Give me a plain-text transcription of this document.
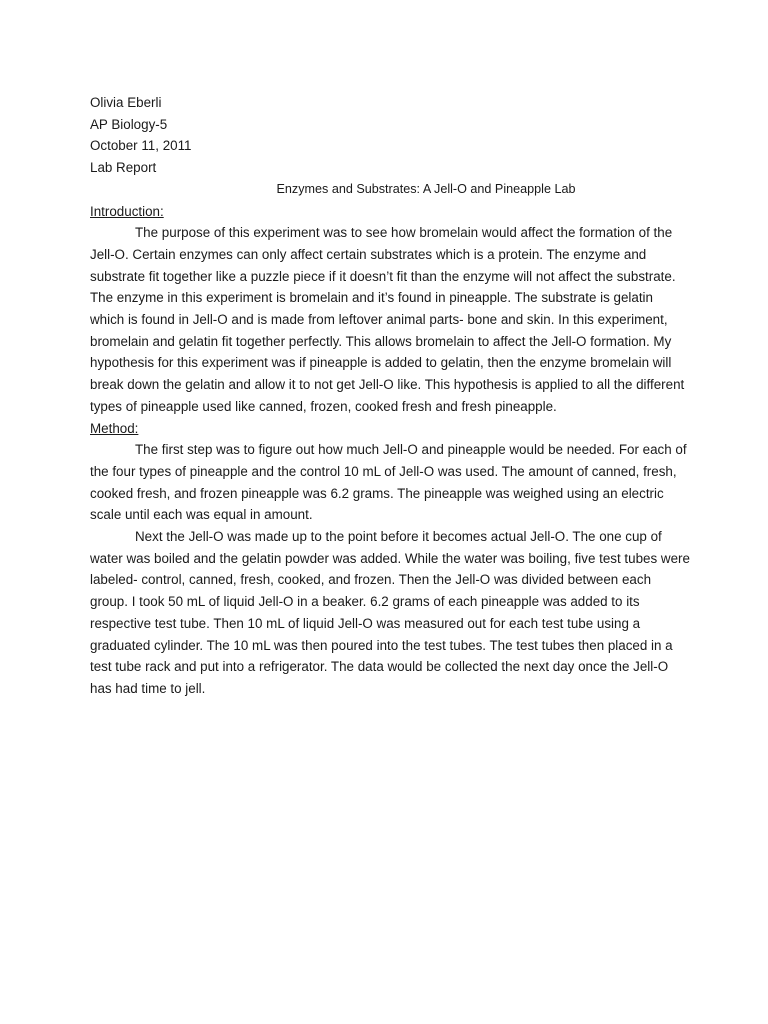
Olivia Eberli
AP Biology-5
October 11, 2011
Lab Report
Enzymes and Substrates: A Jell-O and Pineapple Lab
Introduction:

The purpose of this experiment was to see how bromelain would affect the formation of the Jell-O. Certain enzymes can only affect certain substrates which is a protein. The enzyme and substrate fit together like a puzzle piece if it doesn’t fit than the enzyme will not affect the substrate. The enzyme in this experiment is bromelain and it’s found in pineapple. The substrate is gelatin which is found in Jell-O and is made from leftover animal parts- bone and skin. In this experiment, bromelain and gelatin fit together perfectly. This allows bromelain to affect the Jell-O formation. My hypothesis for this experiment was if pineapple is added to gelatin, then the enzyme bromelain will break down the gelatin and allow it to not get Jell-O like. This hypothesis is applied to all the different types of pineapple used like canned, frozen, cooked fresh and fresh pineapple.

Method:

The first step was to figure out how much Jell-O and pineapple would be needed. For each of the four types of pineapple and the control 10 mL of Jell-O was used. The amount of canned, fresh, cooked fresh, and frozen pineapple was 6.2 grams. The pineapple was weighed using an electric scale until each was equal in amount.

Next the Jell-O was made up to the point before it becomes actual Jell-O. The one cup of water was boiled and the gelatin powder was added. While the water was boiling, five test tubes were labeled- control, canned, fresh, cooked, and frozen. Then the Jell-O was divided between each group. I took 50 mL of liquid Jell-O in a beaker. 6.2 grams of each pineapple was added to its respective test tube. Then 10 mL of liquid Jell-O was measured out for each test tube using a graduated cylinder. The 10 mL was then poured into the test tubes. The test tubes then placed in a test tube rack and put into a refrigerator. The data would be collected the next day once the Jell-O has had time to jell.
